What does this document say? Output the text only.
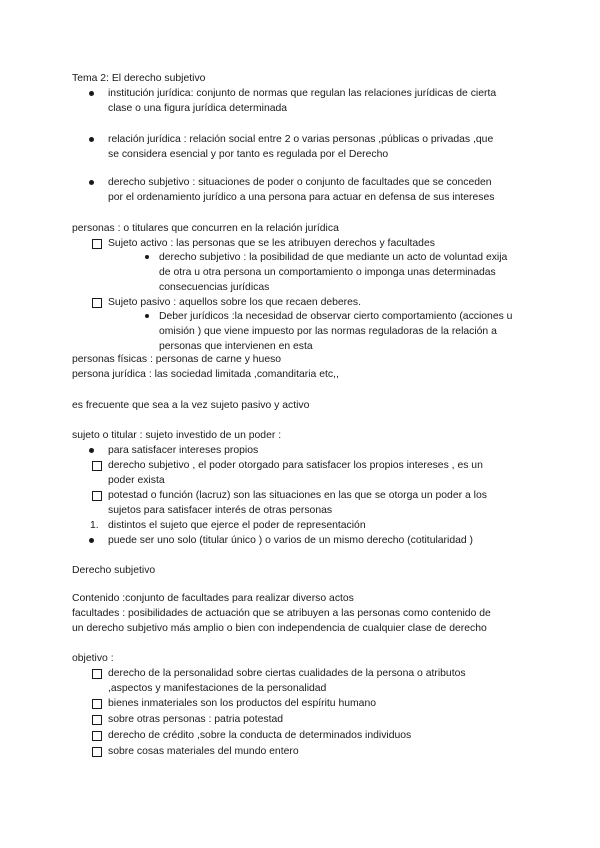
Tema 2: El derecho subjetivo
institución jurídica: conjunto de normas que regulan las relaciones jurídicas de cierta
clase o una figura jurídica determinada
relación jurídica : relación social entre 2 o varias personas ,públicas o privadas ,que
se considera esencial y por tanto es regulada por el Derecho
derecho subjetivo : situaciones de poder o conjunto de facultades que se conceden
por el ordenamiento jurídico a una persona para actuar en defensa de sus intereses
personas : o titulares que concurren en la relación jurídica
Sujeto activo : las personas que se les atribuyen derechos y facultades
derecho subjetivo : la posibilidad de que mediante un acto de voluntad exija
de otra u otra persona un comportamiento o imponga unas determinadas
consecuencias jurídicas
Sujeto pasivo : aquellos sobre los que recaen deberes.
Deber jurídicos :la necesidad de observar cierto comportamiento (acciones u
omisión ) que viene impuesto por las normas reguladoras de la relación a
personas que intervienen en esta
personas físicas : personas de carne y hueso
persona jurídica : las sociedad limitada ,comanditaria etc,,
es frecuente que sea a la vez sujeto pasivo y activo
sujeto o titular : sujeto investido de un poder :
para satisfacer intereses propios
derecho subjetivo , el poder otorgado para satisfacer los propios intereses , es un
poder exista
potestad o función (lacruz) son las situaciones en las que se otorga un poder a los
sujetos para satisfacer interés de otras personas
1. distintos el sujeto que ejerce el poder de representación
puede ser uno solo (titular único ) o varios de un mismo derecho (cotitularidad )
Derecho subjetivo
Contenido :conjunto de facultades para realizar diverso actos
facultades : posibilidades de actuación que se atribuyen a las personas como contenido de
un derecho subjetivo más amplio o bien con independencia de cualquier clase de derecho
objetivo :
derecho de la personalidad sobre ciertas cualidades de la persona o atributos
,aspectos y manifestaciones de la personalidad
bienes inmateriales son los productos del espíritu humano
sobre otras personas : patria potestad
derecho de crédito ,sobre la conducta de determinados individuos
sobre cosas materiales del mundo entero
